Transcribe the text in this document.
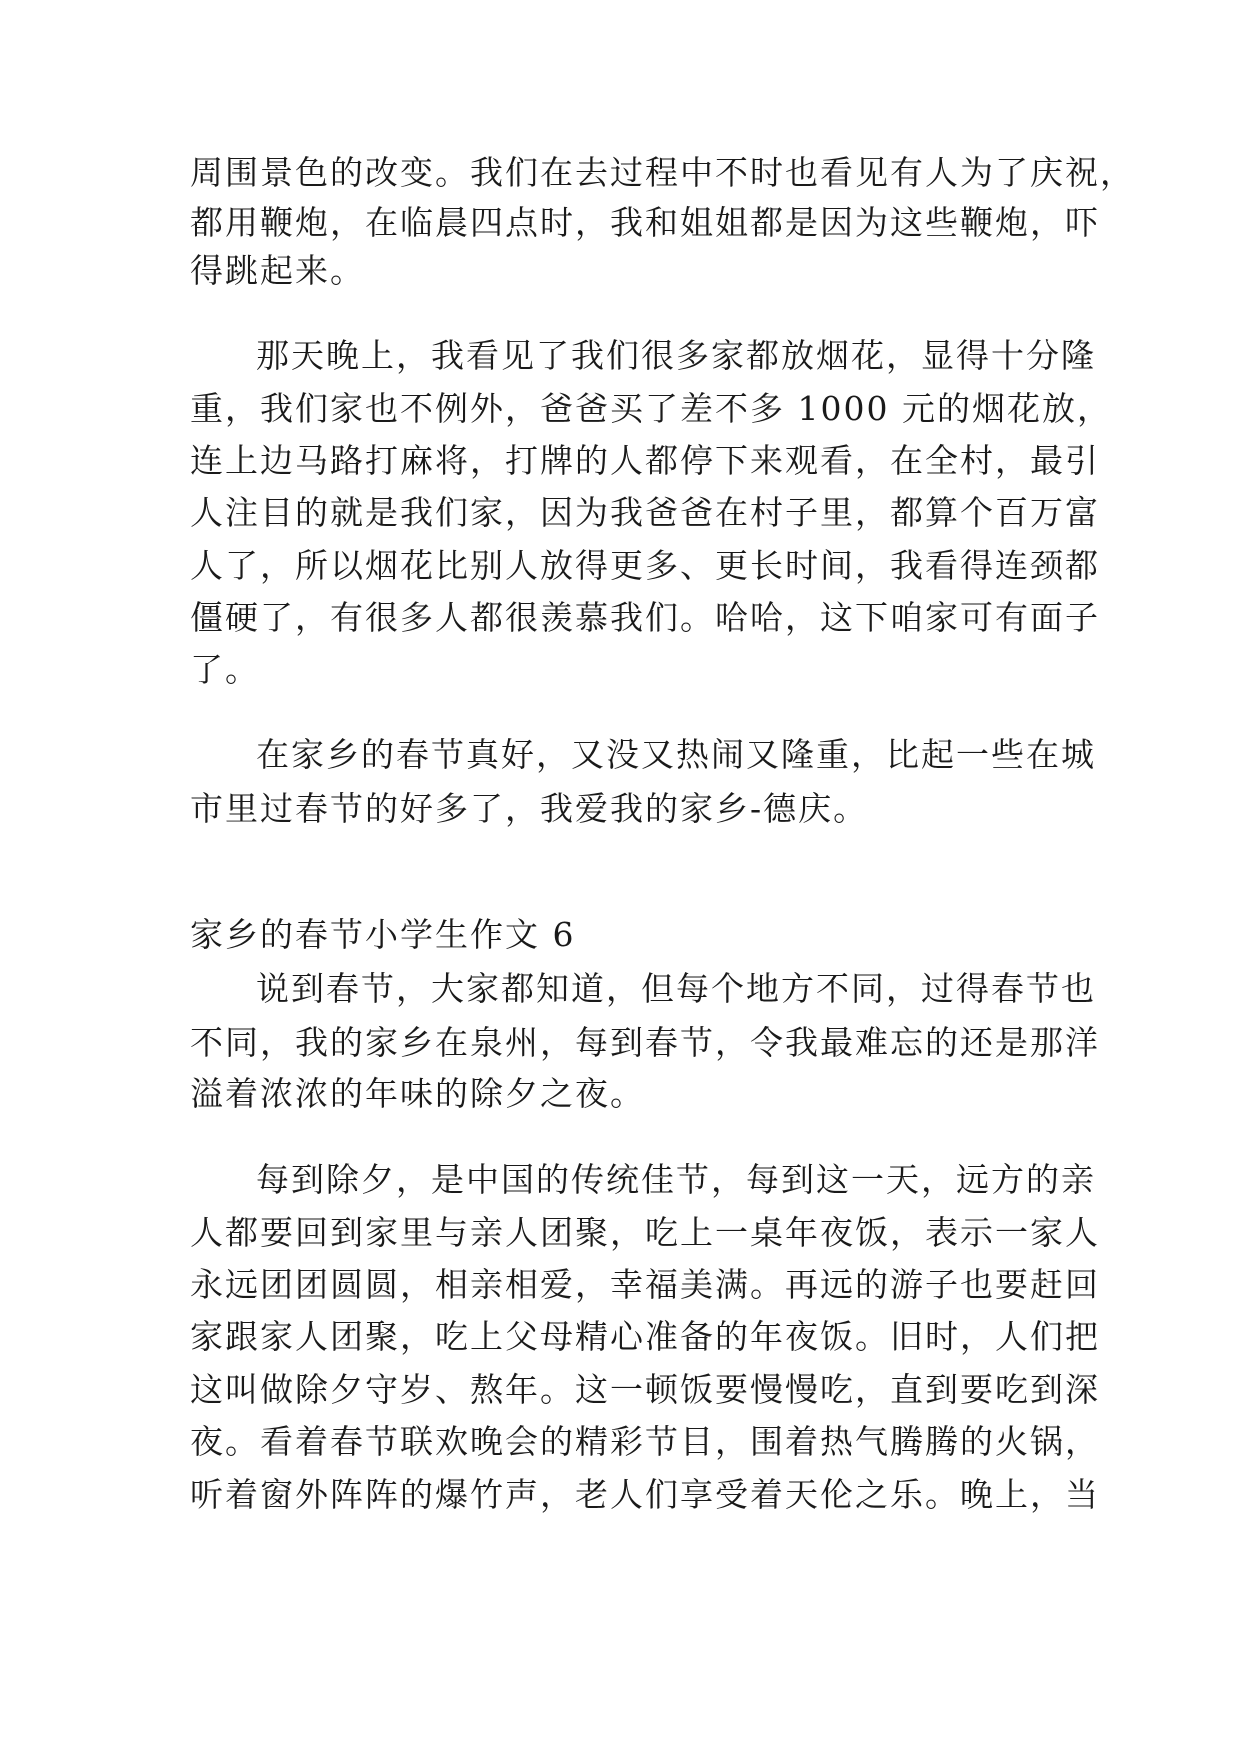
周围景色的改变。我们在去过程中不时也看见有人为了庆祝，
都用鞭炮，在临晨四点时，我和姐姐都是因为这些鞭炮，吓
得跳起来。
那天晚上，我看见了我们很多家都放烟花，显得十分隆
重，我们家也不例外，爸爸买了差不多 1000 元的烟花放，
连上边马路打麻将，打牌的人都停下来观看，在全村，最引
人注目的就是我们家，因为我爸爸在村子里，都算个百万富
人了，所以烟花比别人放得更多、更长时间，我看得连颈都
僵硬了，有很多人都很羡慕我们。哈哈，这下咱家可有面子
了。
在家乡的春节真好，又没又热闹又隆重，比起一些在城
市里过春节的好多了，我爱我的家乡-德庆。
家乡的春节小学生作文 6
说到春节，大家都知道，但每个地方不同，过得春节也
不同，我的家乡在泉州，每到春节，令我最难忘的还是那洋
溢着浓浓的年味的除夕之夜。
每到除夕，是中国的传统佳节，每到这一天，远方的亲
人都要回到家里与亲人团聚，吃上一桌年夜饭，表示一家人
永远团团圆圆，相亲相爱，幸福美满。再远的游子也要赶回
家跟家人团聚，吃上父母精心准备的年夜饭。旧时，人们把
这叫做除夕守岁、熬年。这一顿饭要慢慢吃，直到要吃到深
夜。看着春节联欢晚会的精彩节目，围着热气腾腾的火锅，
听着窗外阵阵的爆竹声，老人们享受着天伦之乐。晚上，当
